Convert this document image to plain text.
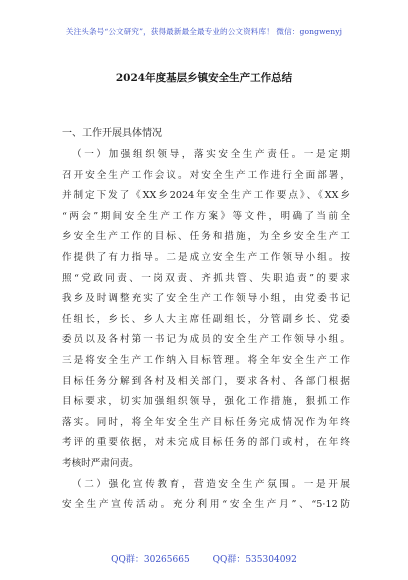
关注头条号“公文研究”，获得最新最全最专业的公文资料库！ 微信：gongwenyj
2024年度基层乡镇安全生产工作总结
一、工作开展具体情况
（一）加强组织领导，落实安全生产责任。一是定期
召开安全生产工作会议。对安全生产工作进行全面部署，
并制定下发了《XX乡2024年安全生产工作要点》、《XX乡
“两会”期间安全生产工作方案》等文件，明确了当前全
乡安全生产工作的目标、任务和措施，为全乡安全生产工
作提供了有力指导。二是成立安全生产工作领导小组。按
照“党政同责、一岗双责、齐抓共管、失职追责”的要求
我乡及时调整充实了安全生产工作领导小组，由党委书记
任组长，乡长、乡人大主席任副组长，分管副乡长、党委
委员以及各村第一书记为成员的安全生产工作领导小组。
三是将安全生产工作纳入目标管理。将全年安全生产工作
目标任务分解到各村及相关部门，要求各村、各部门根据
目标要求，切实加强组织领导，强化工作措施，狠抓工作
落实。同时，将全年安全生产目标任务完成情况作为年终
考评的重要依据，对未完成目标任务的部门或村，在年终
考核时严肃问责。
（二）强化宣传教育，营造安全生产氛围。一是开展
安全生产宣传活动。充分利用“安全生产月”、“5·12防
QQ群：30265665	QQ群：535304092
